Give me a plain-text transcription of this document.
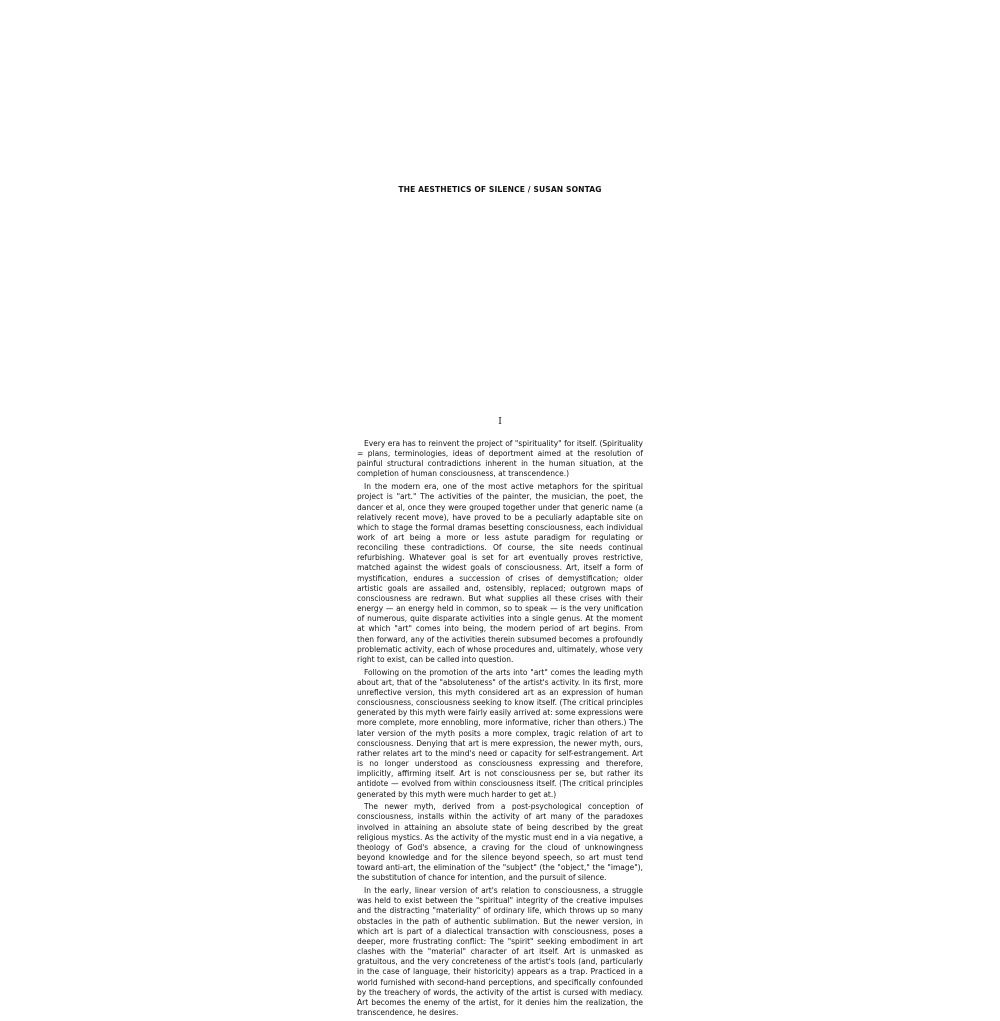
THE AESTHETICS OF SILENCE / SUSAN SONTAG
I

Every era has to reinvent the project of "spirituality" for itself. (Spirituality = plans, terminologies, ideas of deportment aimed at the resolution of painful structural contradictions inherent in the human situation, at the completion of human consciousness, at transcendence.)

In the modern era, one of the most active metaphors for the spiritual project is "art." The activities of the painter, the musician, the poet, the dancer et al, once they were grouped together under that generic name (a relatively recent move), have proved to be a peculiarly adaptable site on which to stage the formal dramas besetting consciousness, each individual work of art being a more or less astute paradigm for regulating or reconciling these contradictions. Of course, the site needs continual refurbishing. Whatever goal is set for art eventually proves restrictive, matched against the widest goals of consciousness. Art, itself a form of mystification, endures a succession of crises of demystification; older artistic goals are assailed and, ostensibly, replaced; outgrown maps of consciousness are redrawn. But what supplies all these crises with their energy — an energy held in common, so to speak — is the very unification of numerous, quite disparate activities into a single genus. At the moment at which "art" comes into being, the modern period of art begins. From then forward, any of the activities therein subsumed becomes a profoundly problematic activity, each of whose procedures and, ultimately, whose very right to exist, can be called into question.

Following on the promotion of the arts into "art" comes the leading myth about art, that of the "absoluteness" of the artist's activity. In its first, more unreflective version, this myth considered art as an expression of human consciousness, consciousness seeking to know itself. (The critical principles generated by this myth were fairly easily arrived at: some expressions were more complete, more ennobling, more informative, richer than others.) The later version of the myth posits a more complex, tragic relation of art to consciousness. Denying that art is mere expression, the newer myth, ours, rather relates art to the mind's need or capacity for self-estrangement. Art is no longer understood as consciousness expressing and therefore, implicitly, affirming itself. Art is not consciousness per se, but rather its antidote — evolved from within consciousness itself. (The critical principles generated by this myth were much harder to get at.)

The newer myth, derived from a post-psychological conception of consciousness, installs within the activity of art many of the paradoxes involved in attaining an absolute state of being described by the great religious mystics. As the activity of the mystic must end in a via negative, a theology of God's absence, a craving for the cloud of unknowingness beyond knowledge and for the silence beyond speech, so art must tend toward anti-art, the elimination of the "subject" (the "object," the "image"), the substitution of chance for intention, and the pursuit of silence.

In the early, linear version of art's relation to consciousness, a struggle was held to exist between the "spiritual" integrity of the creative impulses and the distracting "materiality" of ordinary life, which throws up so many obstacles in the path of authentic sublimation. But the newer version, in which art is part of a dialectical transaction with consciousness, poses a deeper, more frustrating conflict: The "spirit" seeking embodiment in art clashes with the "material" character of art itself. Art is unmasked as gratuitous, and the very concreteness of the artist's tools (and, particularly in the case of language, their historicity) appears as a trap. Practiced in a world furnished with second-hand perceptions, and specifically confounded by the treachery of words, the activity of the artist is cursed with mediacy. Art becomes the enemy of the artist, for it denies him the realization, the transcendence, he desires.
